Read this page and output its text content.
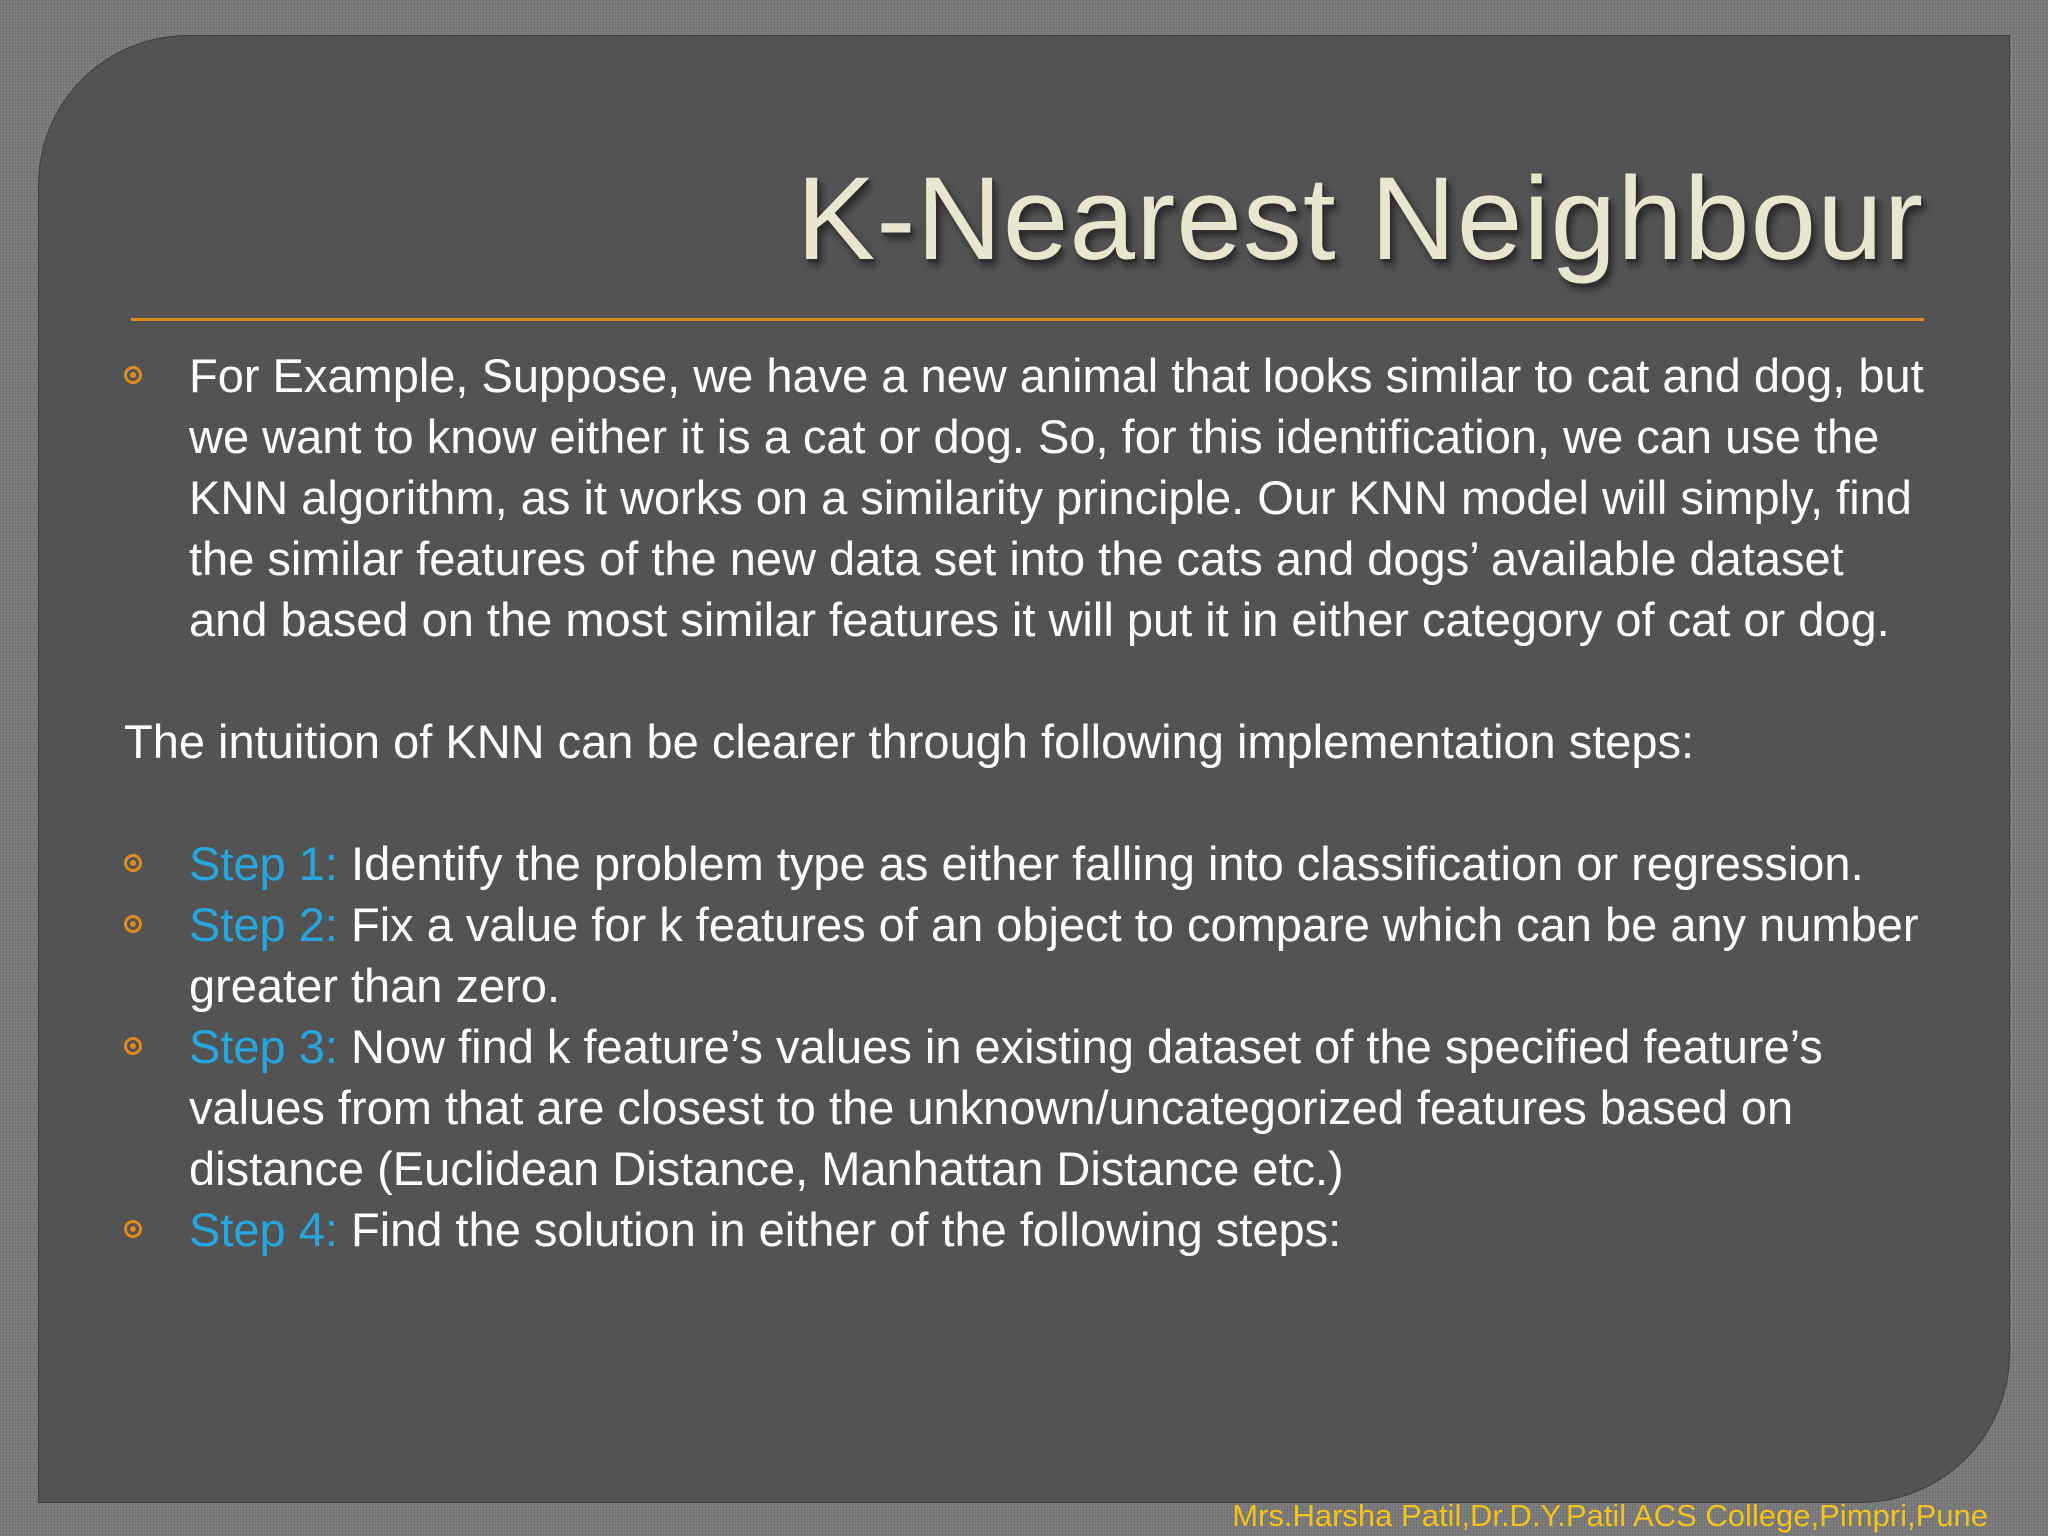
K-Nearest Neighbour
For Example, Suppose, we have a new animal that looks similar to cat and dog, but we want to know either it is a cat or dog. So, for this identification, we can use the KNN algorithm, as it works on a similarity principle. Our KNN model will simply, find the similar features of the new data set into the cats and dogs’ available dataset and based on the most similar features it will put it in either category of cat or dog.
The intuition of KNN can be clearer through following implementation steps:
Step 1: Identify the problem type as either falling into classification or regression.
Step 2: Fix a value for k features of an object to compare which can be any number greater than zero.
Step 3: Now find k feature’s values in existing dataset of the specified feature’s values from that are closest to the unknown/uncategorized features based on distance (Euclidean Distance, Manhattan Distance etc.)
Step 4: Find the solution in either of the following steps:
Mrs.Harsha Patil,Dr.D.Y.Patil ACS College,Pimpri,Pune
